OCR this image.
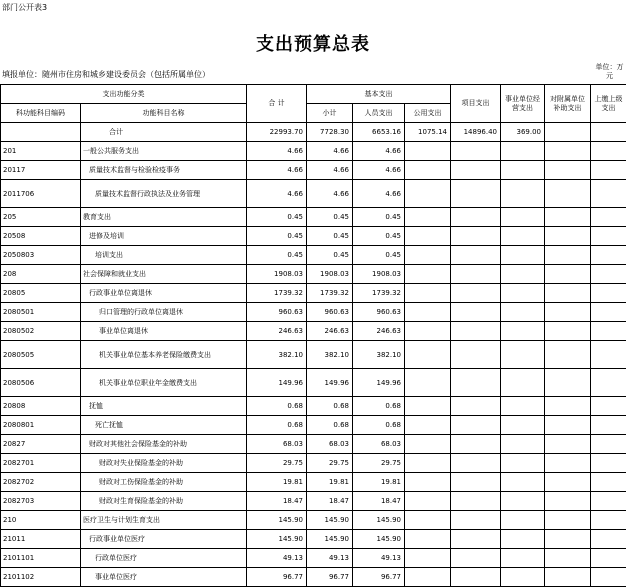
部门公开表3
支出预算总表
填报单位：随州市住房和城乡建设委员会（包括所属单位）
单位：万元
支出功能分类		合 计	基本支出			项目支出	事业单位经营支出	对附属单位补助支出	上缴上级支出
科功能科目编码	功能科目名称		小计	人员支出	公用支出				
	合计	22993.70	7728.30	6653.16	1075.14	14896.40	369.00		
201	一般公共服务支出	4.66	4.66	4.66					
20117	质量技术监督与检验检疫事务	4.66	4.66	4.66					
2011706	质量技术监督行政执法及业务管理	4.66	4.66	4.66					
205	教育支出	0.45	0.45	0.45					
20508	进修及培训	0.45	0.45	0.45					
2050803	培训支出	0.45	0.45	0.45					
208	社会保障和就业支出	1908.03	1908.03	1908.03					
20805	行政事业单位离退休	1739.32	1739.32	1739.32					
2080501	归口管理的行政单位离退休	960.63	960.63	960.63					
2080502	事业单位离退休	246.63	246.63	246.63					
2080505	机关事业单位基本养老保险缴费支出	382.10	382.10	382.10					
2080506	机关事业单位职业年金缴费支出	149.96	149.96	149.96					
20808	抚恤	0.68	0.68	0.68					
2080801	死亡抚恤	0.68	0.68	0.68					
20827	财政对其他社会保险基金的补助	68.03	68.03	68.03					
2082701	财政对失业保险基金的补助	29.75	29.75	29.75					
2082702	财政对工伤保险基金的补助	19.81	19.81	19.81					
2082703	财政对生育保险基金的补助	18.47	18.47	18.47					
210	医疗卫生与计划生育支出	145.90	145.90	145.90					
21011	行政事业单位医疗	145.90	145.90	145.90					
2101101	行政单位医疗	49.13	49.13	49.13					
2101102	事业单位医疗	96.77	96.77	96.77					
